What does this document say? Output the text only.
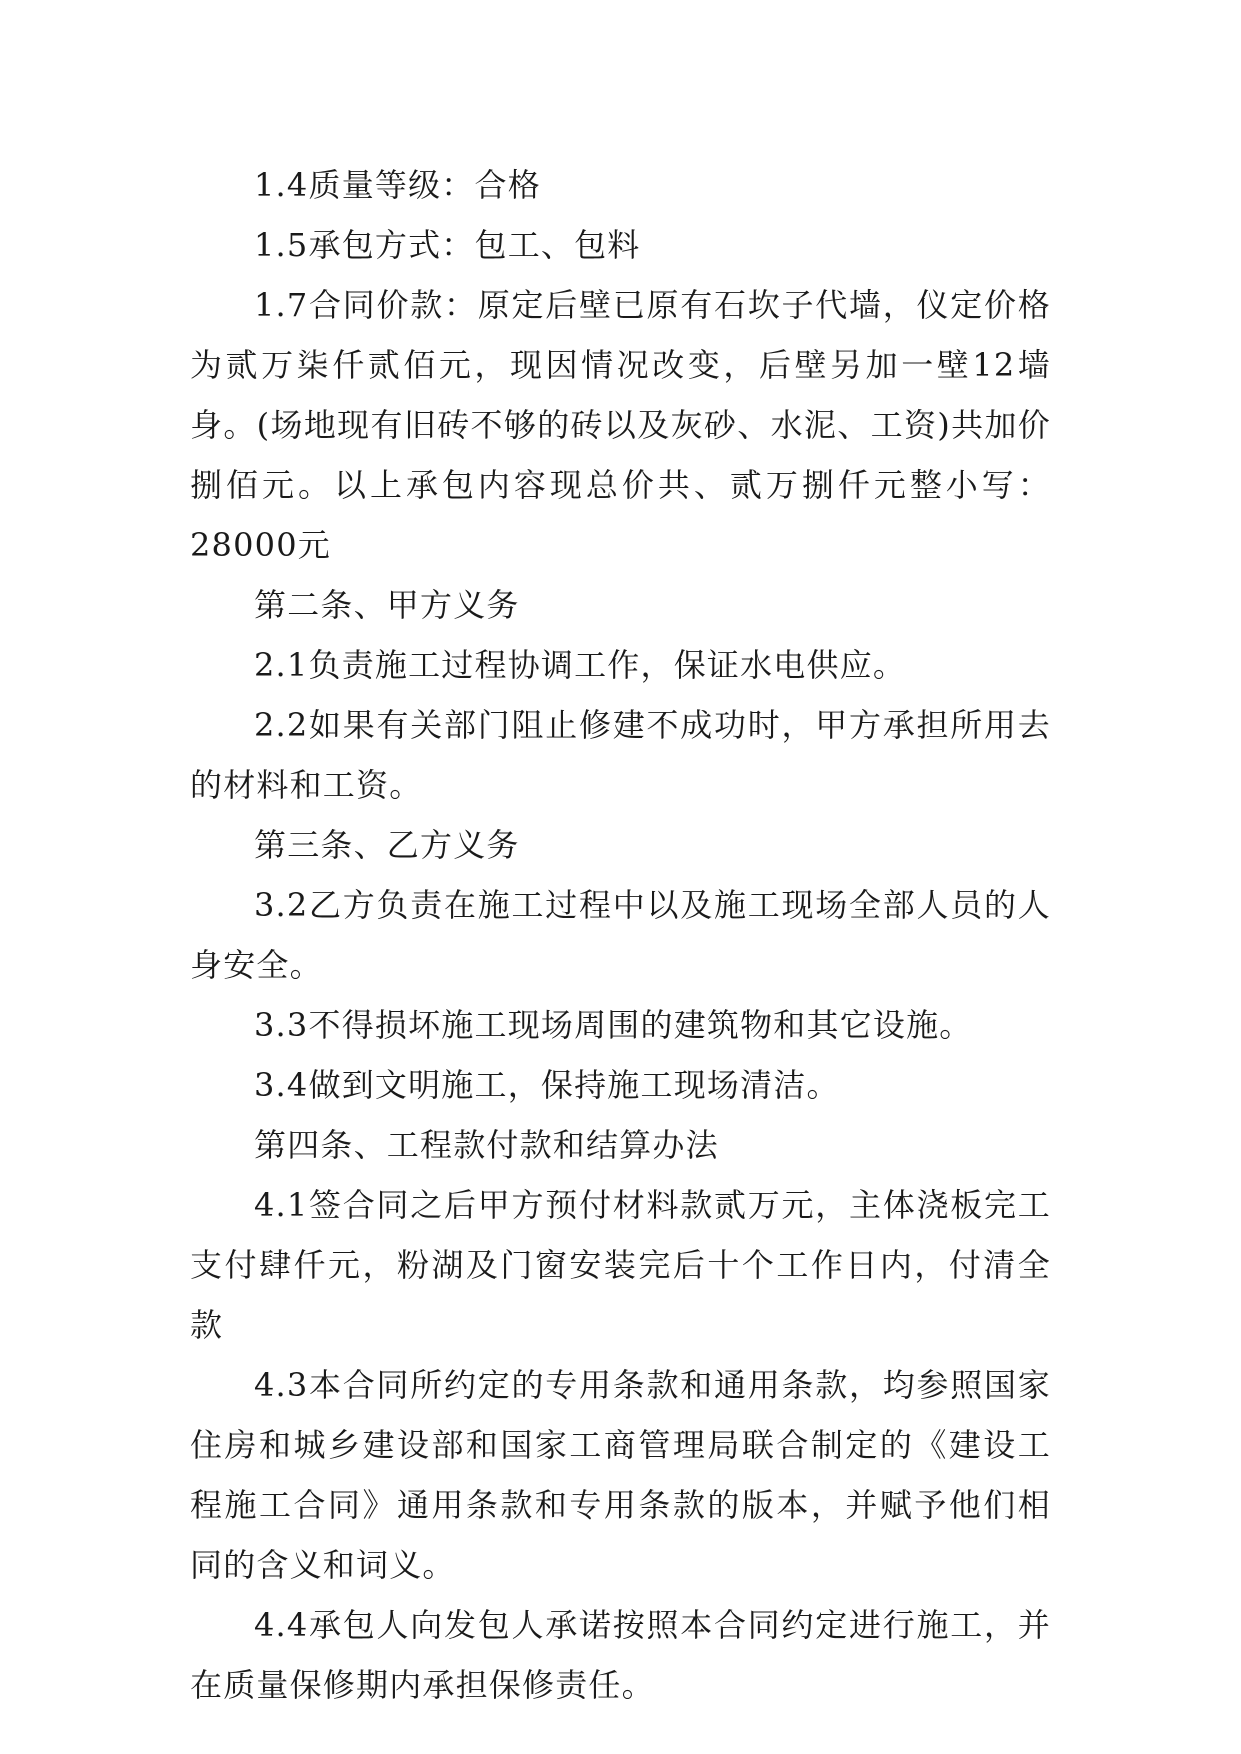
1.4质量等级：合格

1.5承包方式：包工、包料

1.7合同价款：原定后壁已原有石坎子代墙，仪定价格为贰万柒仟贰佰元，现因情况改变，后壁另加一壁12墙身。(场地现有旧砖不够的砖以及灰砂、水泥、工资)共加价捌佰元。以上承包内容现总价共、贰万捌仟元整小写：28000元

第二条、甲方义务

2.1负责施工过程协调工作，保证水电供应。

2.2如果有关部门阻止修建不成功时，甲方承担所用去的材料和工资。

第三条、乙方义务

3.2乙方负责在施工过程中以及施工现场全部人员的人身安全。

3.3不得损坏施工现场周围的建筑物和其它设施。

3.4做到文明施工，保持施工现场清洁。

第四条、工程款付款和结算办法

4.1签合同之后甲方预付材料款贰万元，主体浇板完工支付肆仟元，粉湖及门窗安装完后十个工作日内，付清全款

4.3本合同所约定的专用条款和通用条款，均参照国家住房和城乡建设部和国家工商管理局联合制定的《建设工程施工合同》通用条款和专用条款的版本，并赋予他们相同的含义和词义。

4.4承包人向发包人承诺按照本合同约定进行施工，并在质量保修期内承担保修责任。
